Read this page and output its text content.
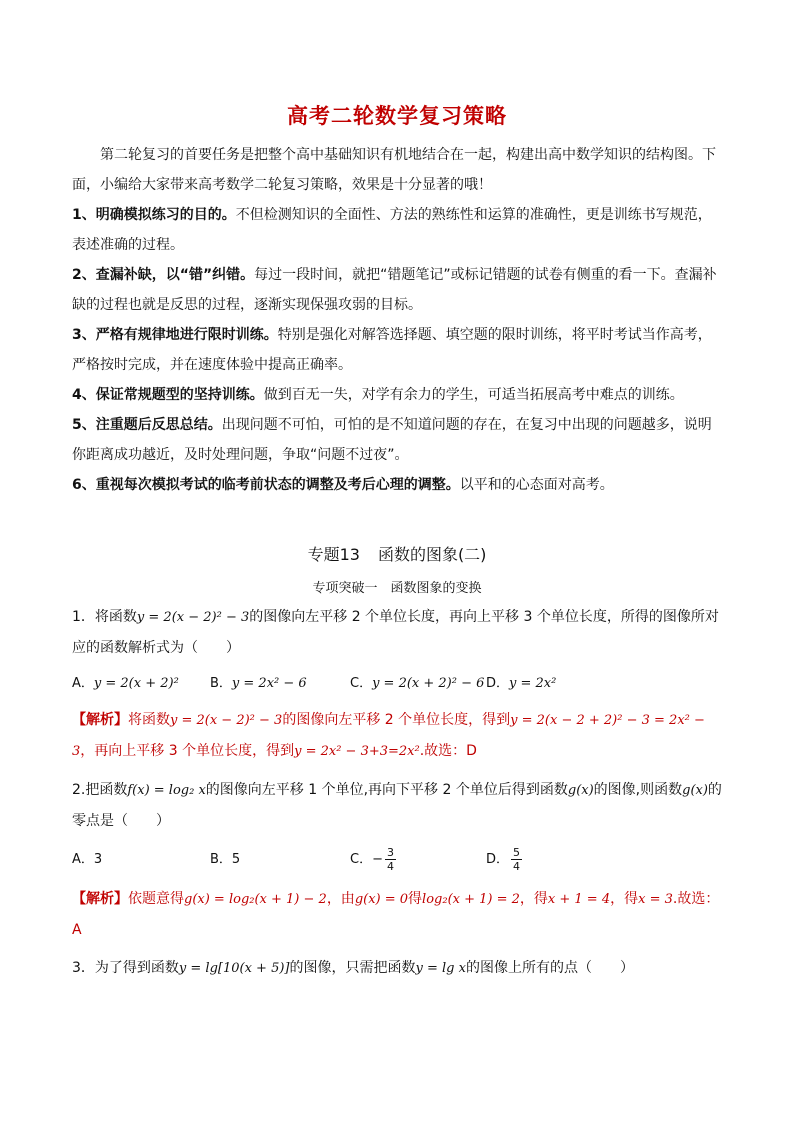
高考二轮数学复习策略

第二轮复习的首要任务是把整个高中基础知识有机地结合在一起，构建出高中数学知识的结构图。下面，小编给大家带来高考数学二轮复习策略，效果是十分显著的哦！

1、明确模拟练习的目的。不但检测知识的全面性、方法的熟练性和运算的准确性，更是训练书写规范，表述准确的过程。

2、查漏补缺，以“错”纠错。每过一段时间，就把“错题笔记”或标记错题的试卷有侧重的看一下。查漏补缺的过程也就是反思的过程，逐渐实现保强攻弱的目标。

3、严格有规律地进行限时训练。特别是强化对解答选择题、填空题的限时训练，将平时考试当作高考，严格按时完成，并在速度体验中提高正确率。

4、保证常规题型的坚持训练。做到百无一失，对学有余力的学生，可适当拓展高考中难点的训练。

5、注重题后反思总结。出现问题不可怕，可怕的是不知道问题的存在，在复习中出现的问题越多，说明你距离成功越近，及时处理问题，争取“问题不过夜”。

6、重视每次模拟考试的临考前状态的调整及考后心理的调整。以平和的心态面对高考。

专题13 函数的图象(二)
专项突破一　函数图象的变换

1．将函数y = 2(x − 2)² − 3的图像向左平移 2 个单位长度，再向上平移 3 个单位长度，所得的图像所对应的函数解析式为（　　）

A．y = 2(x + 2)²	B．y = 2x² − 6	C．y = 2(x + 2)² − 6 D．y = 2x²

【解析】将函数y = 2(x − 2)² − 3的图像向左平移 2 个单位长度，得到y = 2(x − 2 + 2)² − 3 = 2x² − 3，再向上平移 3 个单位长度，得到y = 2x² − 3+3=2x².故选：D

2.把函数f(x) = log₂ x的图像向左平移 1 个单位,再向下平移 2 个单位后得到函数g(x)的图像,则函数g(x)的零点是（　　）

A．3	B．5	C．− $\frac{3}{4}$	D． $\frac{5}{4}$

【解析】依题意得g(x) = log₂(x + 1) − 2，由g(x) = 0得log₂(x + 1) = 2，得x + 1 = 4，得x = 3.故选：A

3．为了得到函数y = lg[10(x + 5)]的图像，只需把函数y = lg x的图像上所有的点（　　）
